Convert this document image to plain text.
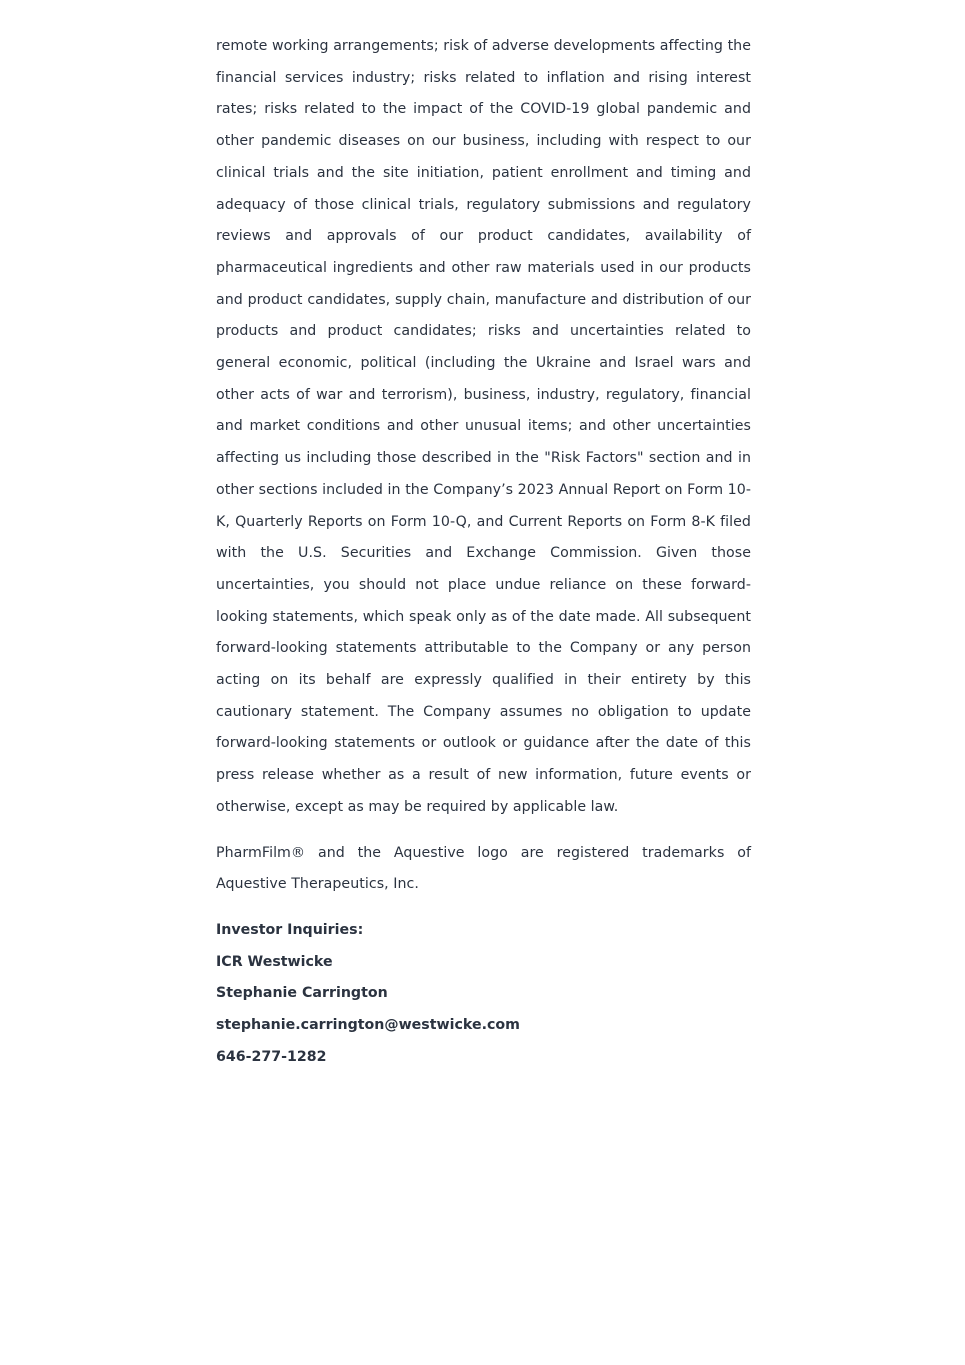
remote working arrangements; risk of adverse developments affecting the financial services industry; risks related to inflation and rising interest rates; risks related to the impact of the COVID-19 global pandemic and other pandemic diseases on our business, including with respect to our clinical trials and the site initiation, patient enrollment and timing and adequacy of those clinical trials, regulatory submissions and regulatory reviews and approvals of our product candidates, availability of pharmaceutical ingredients and other raw materials used in our products and product candidates, supply chain, manufacture and distribution of our products and product candidates; risks and uncertainties related to general economic, political (including the Ukraine and Israel wars and other acts of war and terrorism), business, industry, regulatory, financial and market conditions and other unusual items; and other uncertainties affecting us including those described in the "Risk Factors" section and in other sections included in the Company’s 2023 Annual Report on Form 10-K, Quarterly Reports on Form 10-Q, and Current Reports on Form 8-K filed with the U.S. Securities and Exchange Commission. Given those uncertainties, you should not place undue reliance on these forward-looking statements, which speak only as of the date made. All subsequent forward-looking statements attributable to the Company or any person acting on its behalf are expressly qualified in their entirety by this cautionary statement. The Company assumes no obligation to update forward-looking statements or outlook or guidance after the date of this press release whether as a result of new information, future events or otherwise, except as may be required by applicable law.

PharmFilm® and the Aquestive logo are registered trademarks of Aquestive Therapeutics, Inc.

Investor Inquiries:
ICR Westwicke
Stephanie Carrington
stephanie.carrington@westwicke.com
646-277-1282
